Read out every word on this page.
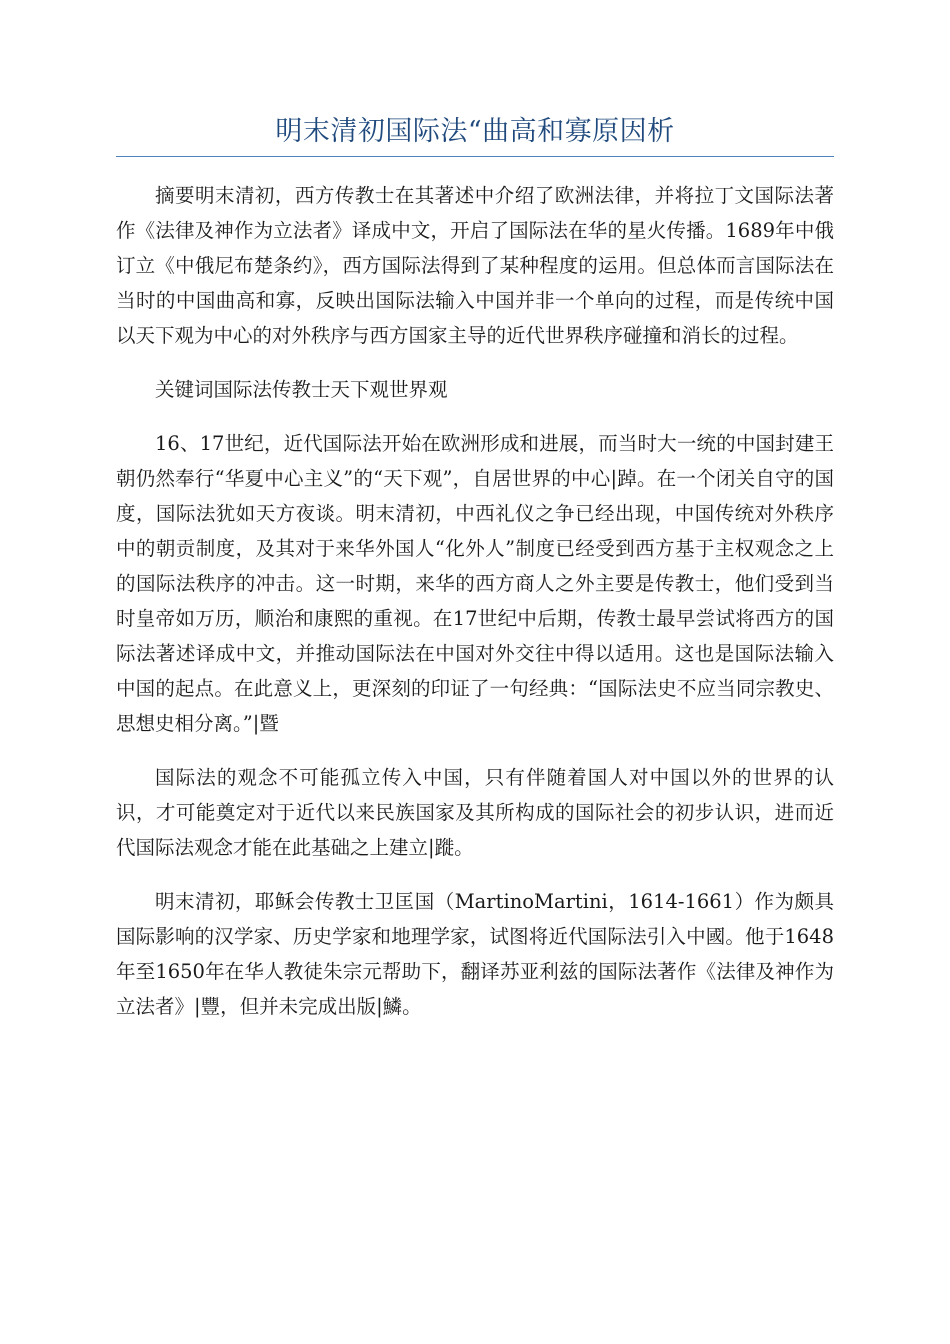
明末清初国际法“曲高和寡原因析

摘要明末清初，西方传教士在其著述中介绍了欧洲法律，并将拉丁文国际法著作《法律及神作为立法者》译成中文，开启了国际法在华的星火传播。1689年中俄订立《中俄尼布楚条约》，西方国际法得到了某种程度的运用。但总体而言国际法在当时的中国曲高和寡，反映出国际法输入中国并非一个单向的过程，而是传统中国以天下观为中心的对外秩序与西方国家主导的近代世界秩序碰撞和消长的过程。

关键词国际法传教士天下观世界观

16、17世纪，近代国际法开始在欧洲形成和进展，而当时大一统的中国封建王朝仍然奉行“华夏中心主义”的“天下观”，自居世界的中心|踔。在一个闭关自守的国度，国际法犹如天方夜谈。明末清初，中西礼仪之争已经出现，中国传统对外秩序中的朝贡制度，及其对于来华外国人“化外人”制度已经受到西方基于主权观念之上的国际法秩序的冲击。这一时期，来华的西方商人之外主要是传教士，他们受到当时皇帝如万历，顺治和康熙的重视。在17世纪中后期，传教士最早尝试将西方的国际法著述译成中文，并推动国际法在中国对外交往中得以适用。这也是国际法输入中国的起点。在此意义上，更深刻的印证了一句经典：“国际法史不应当同宗教史、思想史相分离。”|暨

国际法的观念不可能孤立传入中国，只有伴随着国人对中国以外的世界的认识，才可能奠定对于近代以来民族国家及其所构成的国际社会的初步认识，进而近代国际法观念才能在此基础之上建立|蹝。

明末清初，耶稣会传教士卫匡国（MartinoMartini，1614-1661）作为颇具国际影响的汉学家、历史学家和地理学家，试图将近代国际法引入中國。他于1648年至1650年在华人教徒朱宗元帮助下，翻译苏亚利兹的国际法著作《法律及神作为立法者》|豐，但并未完成出版|鱗。
